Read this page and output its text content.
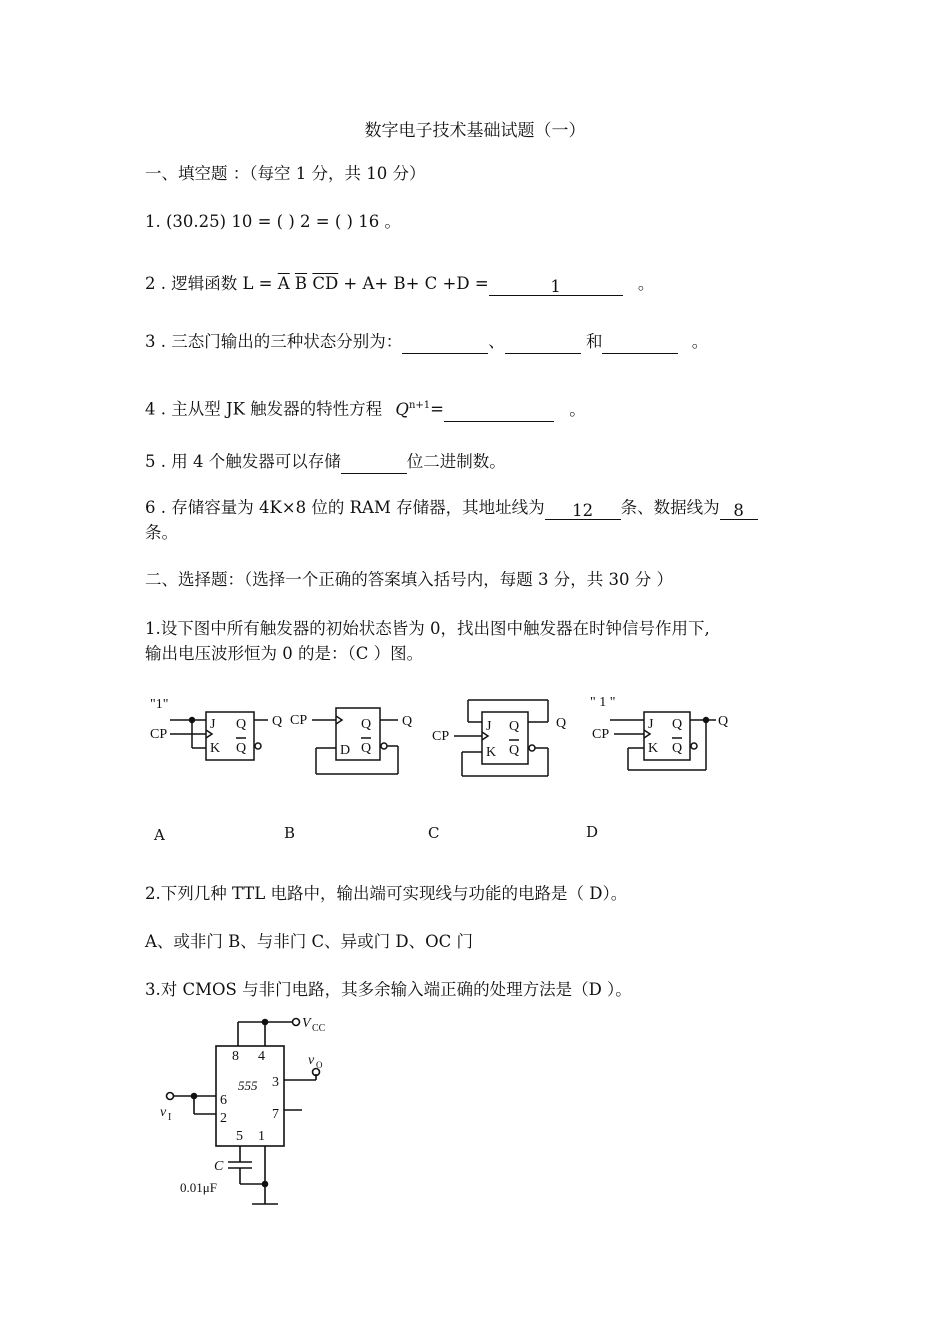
数字电子技术基础试题（一）
一、填空题 ：（每空 1 分，共 10 分）
1. (30.25) 10 = ( ) 2 = ( ) 16 。
2 . 逻辑函数 $L = \overline{A}$ $\overline{B}$ $\overline{C}\overline{D} + A+ B+ C +D$ =	1	。
3 . 三态门输出的三种状态分别为：	、	和	。
4 . 主从型 JK 触发器的特性方程 $Q^{n+1}=$	。
5 . 用 4 个触发器可以存储	位二进制数。
6 . 存储容量为 4K×8 位的 RAM 存储器，其地址线为 12 条、数据线为 8
条。
二、选择题：（选择一个正确的答案填入括号内，每题 3 分，共 30 分 ）
1.设下图中所有触发器的初始状态皆为 0，找出图中触发器在时钟信号作用下,
输出电压波形恒为 0 的是：（C ）图。
"1"
CP
J
K
Q
Q
Q CP
D
Q
Q
Q
CP
J
K
Q
Q
Q
" 1 "
CP
J
K
Q
Q
Q
A	B	C	D
2.下列几种 TTL 电路中，输出端可实现线与功能的电路是（ D）。
A、或非门 B、与非门 C、异或门 D、OC 门
3.对 CMOS 与非门电路，其多余输入端正确的处理方法是（D ）。
V CC
8 4
555 3
6
2	7
5 1
v O
v I
C
0.01μF
